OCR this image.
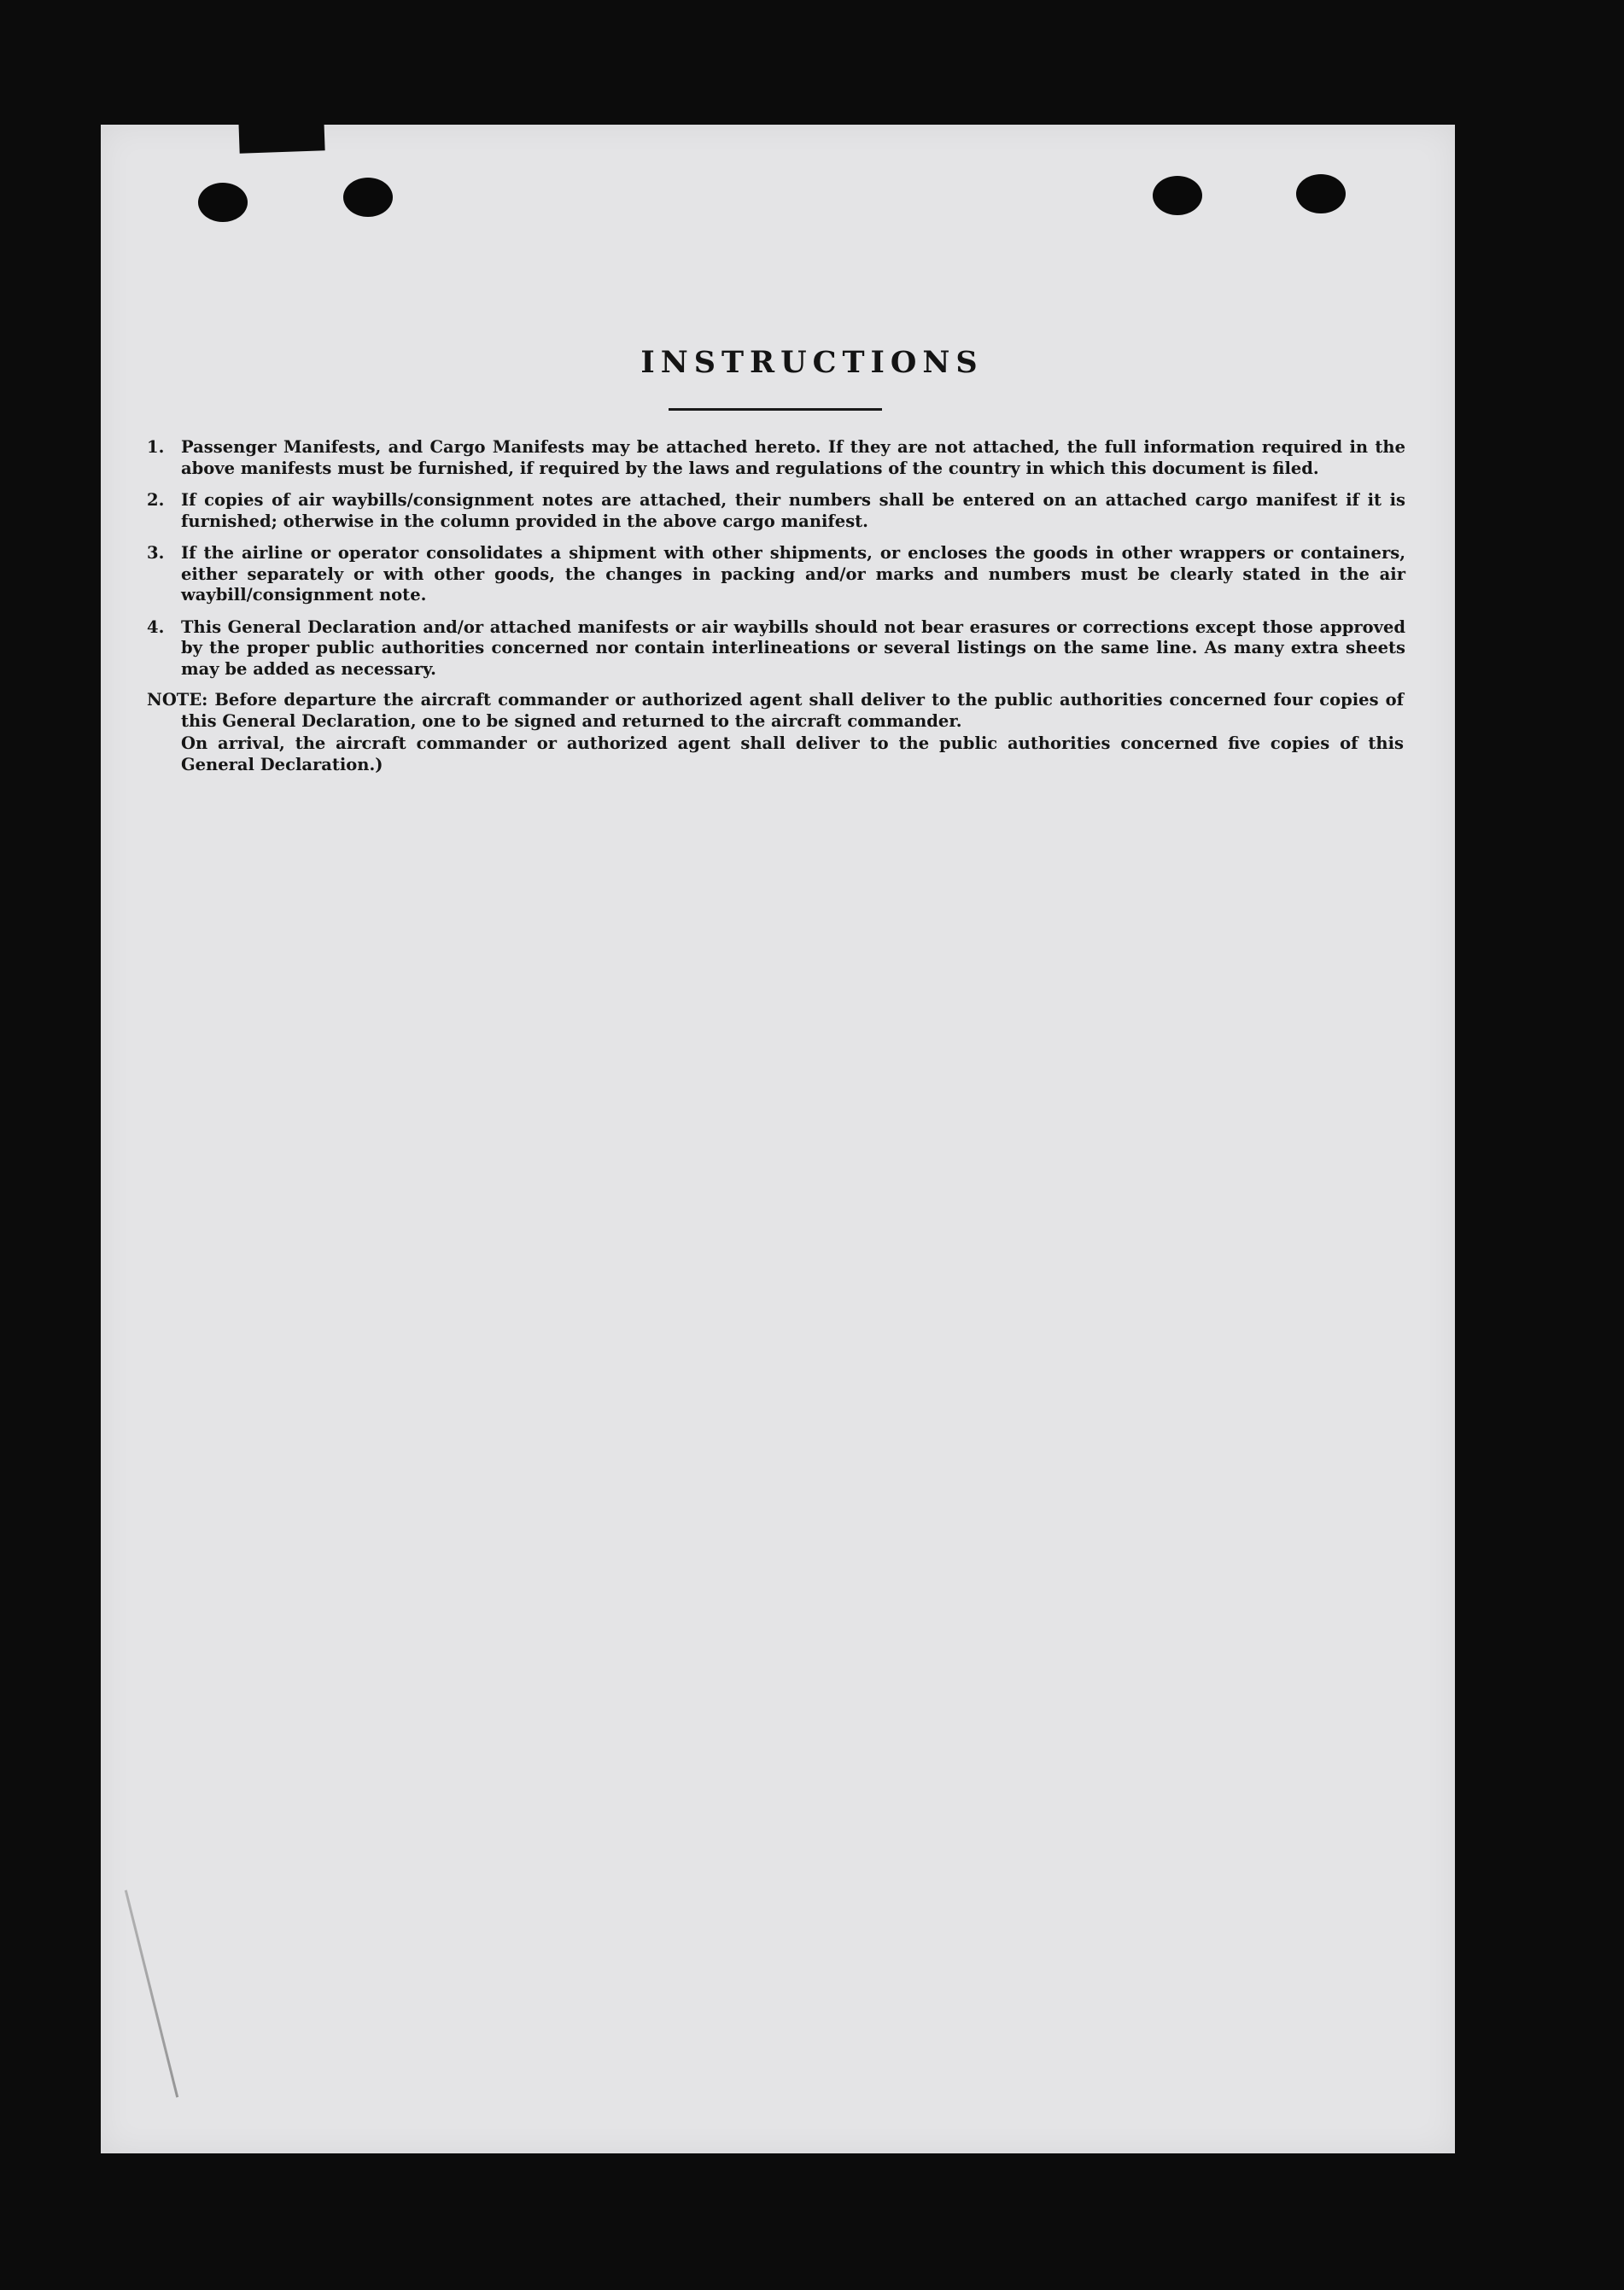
INSTRUCTIONS
1. Passenger Manifests, and Cargo Manifests may be attached hereto. If they are not attached, the full information required in the above manifests must be furnished, if required by the laws and regulations of the country in which this document is filed.
2. If copies of air waybills/consignment notes are attached, their numbers shall be entered on an attached cargo manifest if it is furnished; otherwise in the column provided in the above cargo manifest.
3. If the airline or operator consolidates a shipment with other shipments, or encloses the goods in other wrappers or containers, either separately or with other goods, the changes in packing and/or marks and numbers must be clearly stated in the air waybill/consignment note.
4. This General Declaration and/or attached manifests or air waybills should not bear erasures or corrections except those approved by the proper public authorities concerned nor contain interlineations or several listings on the same line. As many extra sheets may be added as necessary.

NOTE: Before departure the aircraft commander or authorized agent shall deliver to the public authorities concerned four copies of this General Declaration, one to be signed and returned to the aircraft commander.

On arrival, the aircraft commander or authorized agent shall deliver to the public authorities concerned five copies of this General Declaration.)
